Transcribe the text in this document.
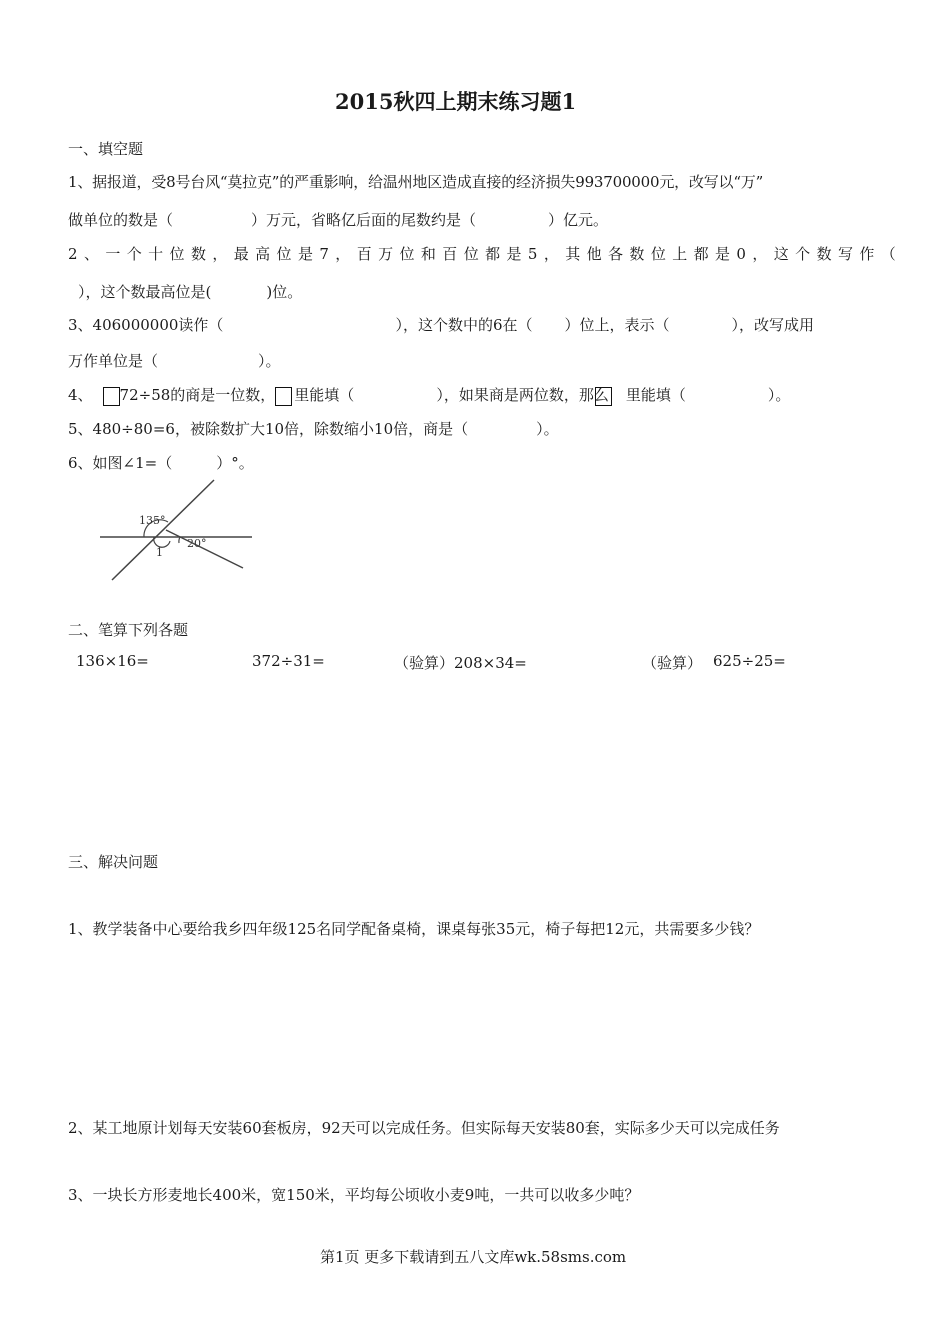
2015秋四上期末练习题1
一、填空题
1、据报道，受8号台风“莫拉克”的严重影响，给温州地区造成直接的经济损失993700000元，改写以“万”
做单位的数是（	）万元，省略亿后面的尾数约是（	）亿元。
2、一个十位数，最高位是7，百万位和百位都是5，其他各数位上都是0，这个数写作（
），这个数最高位是(	)位。
3、406000000读作（	），这个数中的6在（ ）位上，表示（	），改写成用
万作单位是（	）。
4、 72÷58的商是一位数， 里能填（	），如果商是两位数，那么 里能填（	）。
5、480÷80=6，被除数扩大10倍，除数缩小10倍，商是（	）。
6、如图∠1=（	）°。
135°
20°
1
二、笔算下列各题
136×16=	372÷31=	（验算）208×34=	（验算） 625÷25=
三、解决问题
1、教学装备中心要给我乡四年级125名同学配备桌椅，课桌每张35元，椅子每把12元，共需要多少钱？
2、某工地原计划每天安装60套板房，92天可以完成任务。但实际每天安装80套，实际多少天可以完成任务
3、一块长方形麦地长400米，宽150米，平均每公顷收小麦9吨，一共可以收多少吨？
第1页 更多下载请到五八文库wk.58sms.com
